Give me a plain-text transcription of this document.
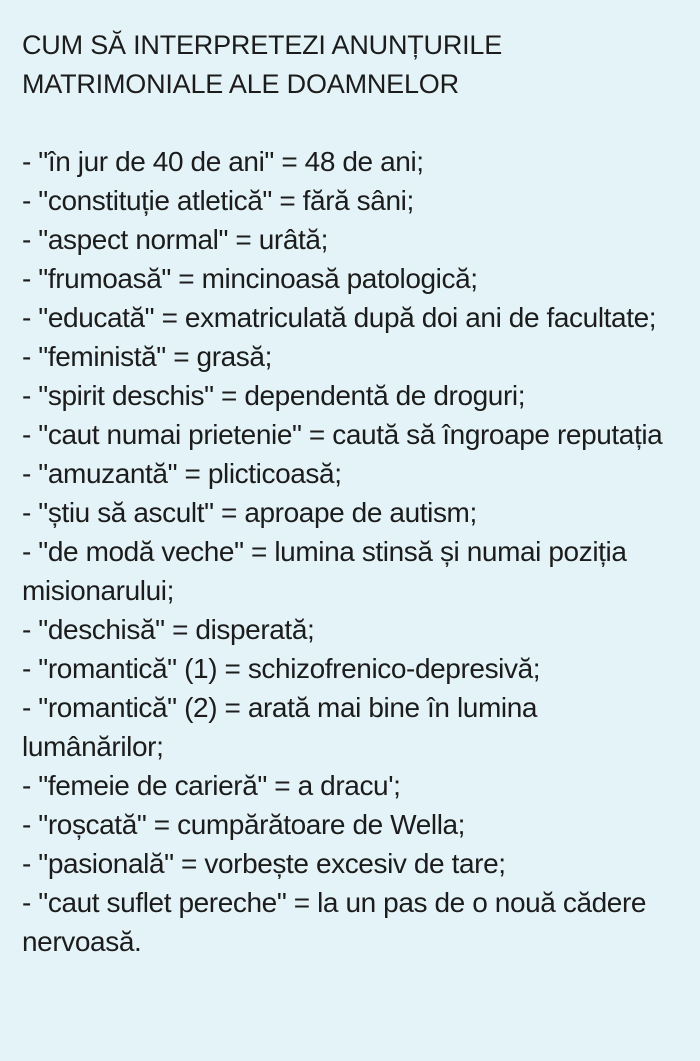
CUM SĂ INTERPRETEZI ANUNȚURILE
MATRIMONIALE ALE DOAMNELOR
- "în jur de 40 de ani" = 48 de ani;
- "constituție atletică" = fără sâni;
- "aspect normal" = urâtă;
- "frumoasă" = mincinoasă patologică;
- "educată" = exmatriculată după doi ani de facultate;
- "feministă" = grasă;
- "spirit deschis" = dependentă de droguri;
- "caut numai prietenie" = caută să îngroape reputația
- "amuzantă" = plicticoasă;
- "știu să ascult" = aproape de autism;
- "de modă veche" = lumina stinsă și numai poziția misionarului;
- "deschisă" = disperată;
- "romantică" (1) = schizofrenico-depresivă;
- "romantică" (2) = arată mai bine în lumina lumânărilor;
- "femeie de carieră" = a dracu';
- "roșcată" = cumpărătoare de Wella;
- "pasională" = vorbește excesiv de tare;
- "caut suflet pereche" = la un pas de o nouă cădere nervoasă.
